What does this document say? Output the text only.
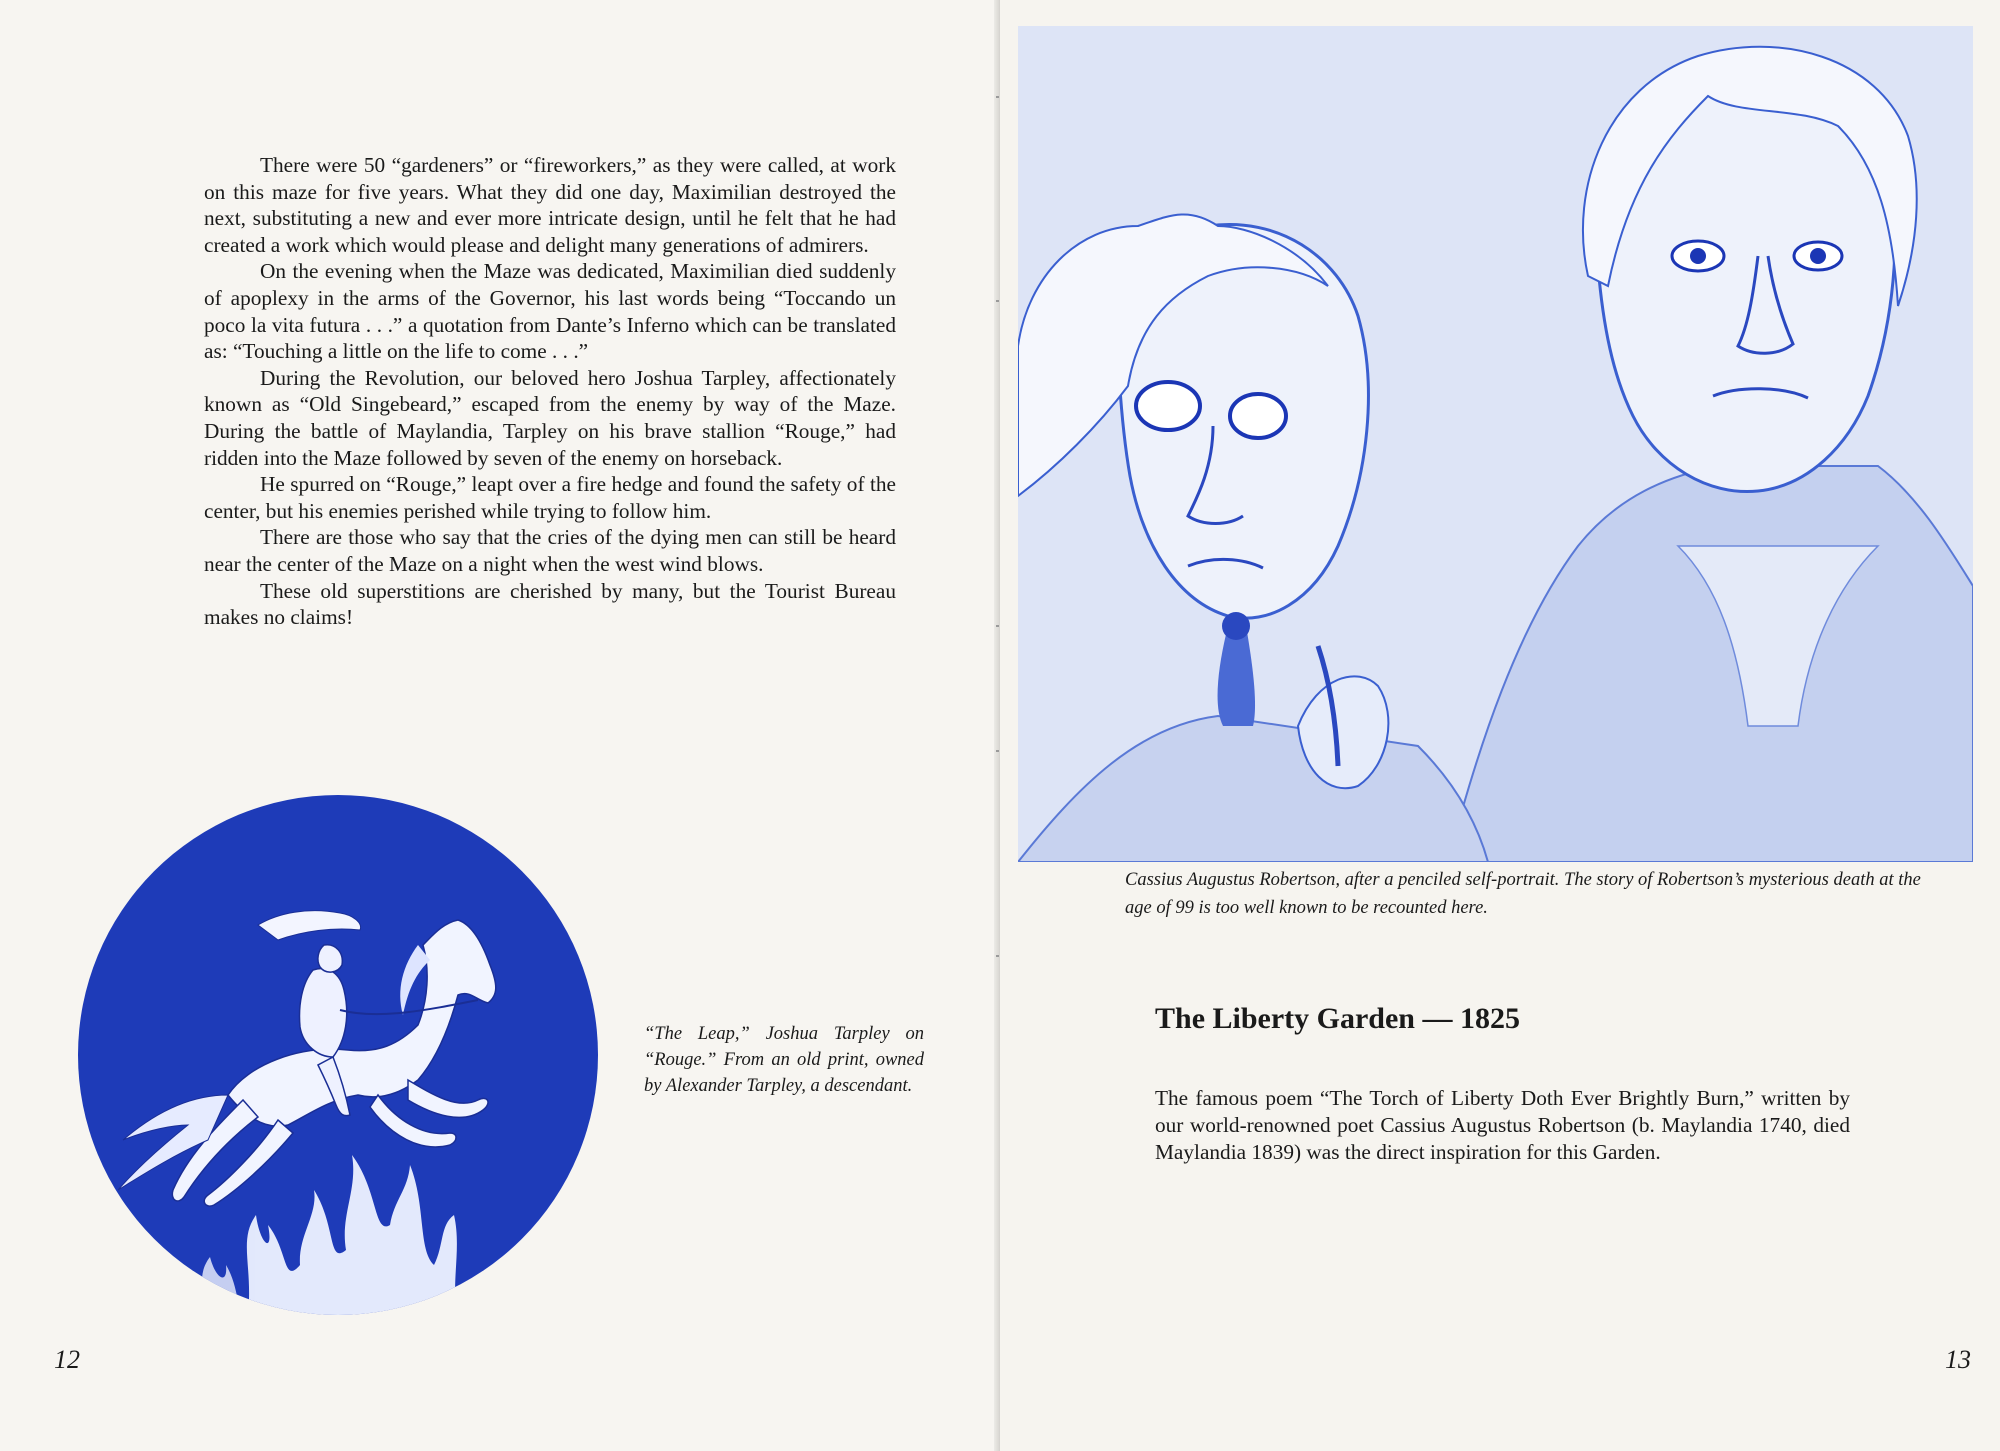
There were 50 “gardeners” or “fireworkers,” as they were called, at work on this maze for five years. What they did one day, Maximilian destroyed the next, substituting a new and ever more intricate design, until he felt that he had created a work which would please and delight many generations of admirers.

On the evening when the Maze was dedicated, Maximilian died suddenly of apoplexy in the arms of the Governor, his last words being “Toccando un poco la vita futura . . .” a quotation from Dante’s Inferno which can be translated as: “Touching a little on the life to come . . .”

During the Revolution, our beloved hero Joshua Tarpley, affectionately known as “Old Singebeard,” escaped from the enemy by way of the Maze. During the battle of Maylandia, Tarpley on his brave stallion “Rouge,” had ridden into the Maze followed by seven of the enemy on horseback.

He spurred on “Rouge,” leapt over a fire hedge and found the safety of the center, but his enemies perished while trying to follow him.

There are those who say that the cries of the dying men can still be heard near the center of the Maze on a night when the west wind blows.

These old superstitions are cherished by many, but the Tourist Bureau makes no claims!

“The Leap,” Joshua Tarpley on “Rouge.” From an old print, owned by Alexander Tarpley, a descendant.
12
Cassius Augustus Robertson, after a penciled self-portrait. The story of Robertson’s mysterious death at the age of 99 is too well known to be recounted here.
The Liberty Garden — 1825

The famous poem “The Torch of Liberty Doth Ever Brightly Burn,” written by our world-renowned poet Cassius Augustus Robertson (b. Maylandia 1740, died Maylandia 1839) was the direct inspiration for this Garden.

13
